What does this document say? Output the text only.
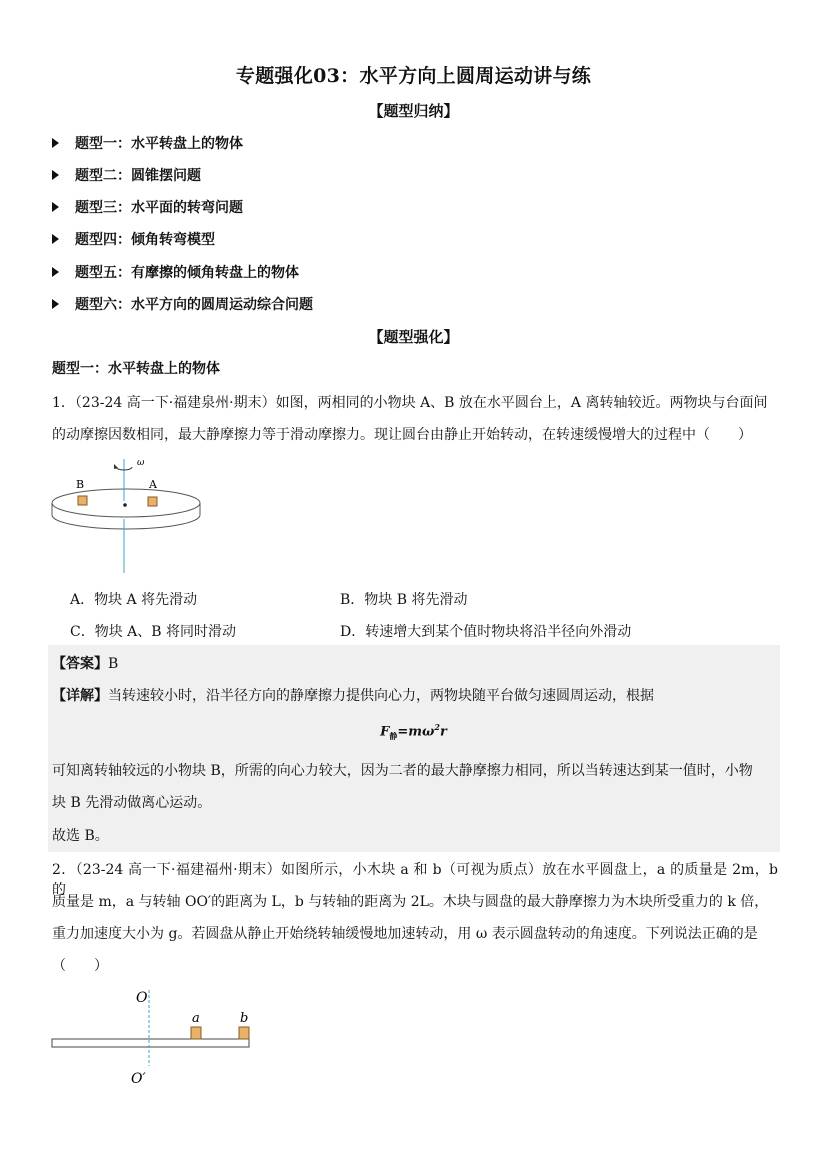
专题强化03：水平方向上圆周运动讲与练
【题型归纳】
题型一：水平转盘上的物体
题型二：圆锥摆问题
题型三：水平面的转弯问题
题型四：倾角转弯模型
题型五：有摩擦的倾角转盘上的物体
题型六：水平方向的圆周运动综合问题
【题型强化】
题型一：水平转盘上的物体
1．（23-24 高一下·福建泉州·期末）如图，两相同的小物块 A、B 放在水平圆台上，A 离转轴较近。两物块与台面间
的动摩擦因数相同，最大静摩擦力等于滑动摩擦力。现让圆台由静止开始转动，在转速缓慢增大的过程中（　　）
B	A
ω
A．物块 A 将先滑动	B．物块 B 将先滑动
C．物块 A、B 将同时滑动	D．转速增大到某个值时物块将沿半径向外滑动
【答案】B
【详解】当转速较小时，沿半径方向的静摩擦力提供向心力，两物块随平台做匀速圆周运动，根据
$F_静=m\omega^2r$
可知离转轴较远的小物块 B，所需的向心力较大，因为二者的最大静摩擦力相同，所以当转速达到某一值时，小物
块 B 先滑动做离心运动。
故选 B。
2．（23-24 高一下·福建福州·期末）如图所示，小木块 a 和 b（可视为质点）放在水平圆盘上，a 的质量是 2m，b 的
质量是 m，a 与转轴 OO′的距离为 L，b 与转轴的距离为 2L。木块与圆盘的最大静摩擦力为木块所受重力的 k 倍，
重力加速度大小为 g。若圆盘从静止开始绕转轴缓慢地加速转动，用 ω 表示圆盘转动的角速度。下列说法正确的是
（　　）
O
O′
a	b
